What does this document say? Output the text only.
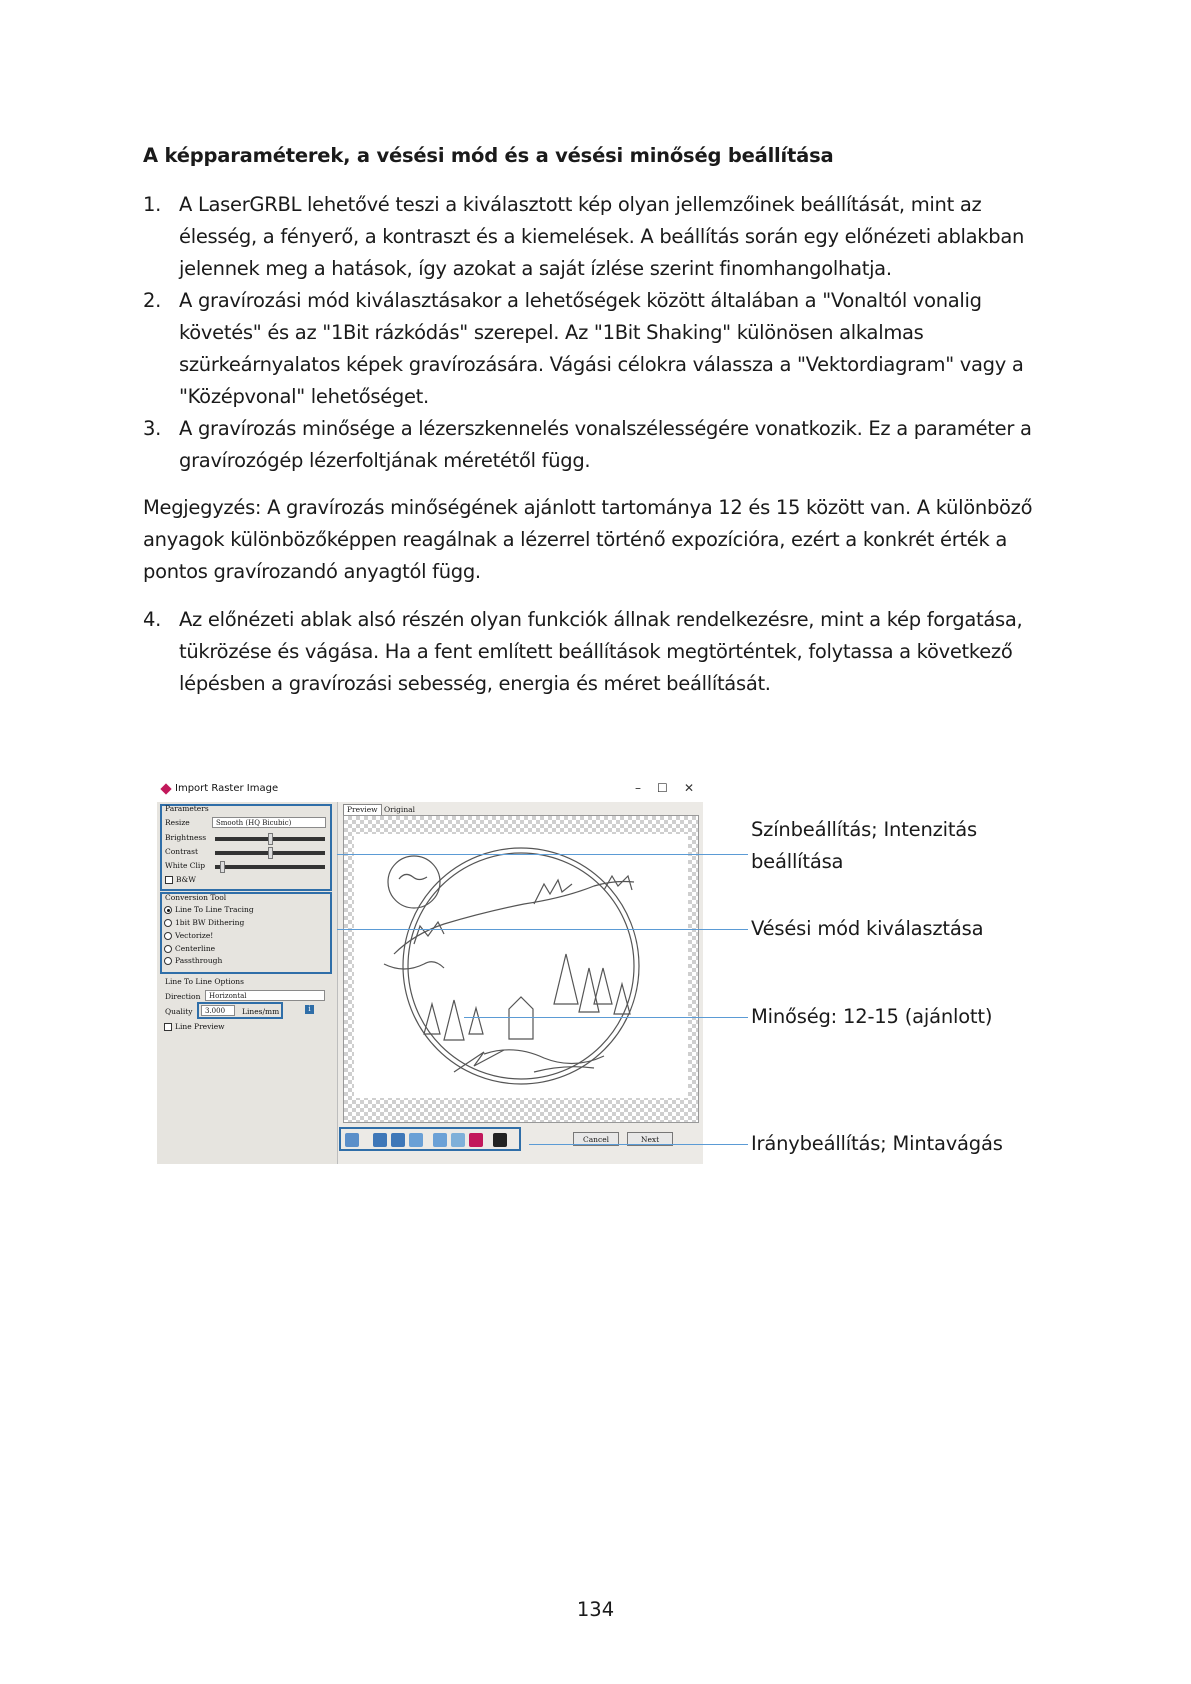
A képparaméterek, a vésési mód és a vésési minőség beállítása
1. A LaserGRBL lehetővé teszi a kiválasztott kép olyan jellemzőinek beállítását, mint az élesség, a fényerő, a kontraszt és a kiemelések. A beállítás során egy előnézeti ablakban jelennek meg a hatások, így azokat a saját ízlése szerint finomhangolhatja.
2. A gravírozási mód kiválasztásakor a lehetőségek között általában a "Vonaltól vonalig követés" és az "1Bit rázkódás" szerepel. Az "1Bit Shaking" különösen alkalmas szürkeárnyalatos képek gravírozására. Vágási célokra válassza a "Vektordiagram" vagy a "Középvonal" lehetőséget.
3. A gravírozás minősége a lézerszkennelés vonalszélességére vonatkozik. Ez a paraméter a gravírozógép lézerfoltjának méretétől függ.
Megjegyzés: A gravírozás minőségének ajánlott tartománya 12 és 15 között van. A különböző anyagok különbözőképpen reagálnak a lézerrel történő expozícióra, ezért a konkrét érték a pontos gravírozandó anyagtól függ.
4. Az előnézeti ablak alsó részén olyan funkciók állnak rendelkezésre, mint a kép forgatása, tükrözése és vágása. Ha a fent említett beállítások megtörténtek, folytassa a következő lépésben a gravírozási sebesség, energia és méret beállítását.
Import Raster Image	– ☐ ✕
Parameters
Resize	Smooth (HQ Bicubic)
Brightness
Contrast
White Clip
B&W
Conversion Tool
Line To Line Tracing
1bit BW Dithering
Vectorize!
Centerline
Passthrough
Line To Line Options
Direction	Horizontal
Quality	3.000	Lines/mm	i
Line Preview
Preview Original
Cancel	Next
Színbeállítás; Intenzitás
beállítása
Vésési mód kiválasztása
Minőség: 12-15 (ajánlott)
Iránybeállítás; Mintavágás
134
